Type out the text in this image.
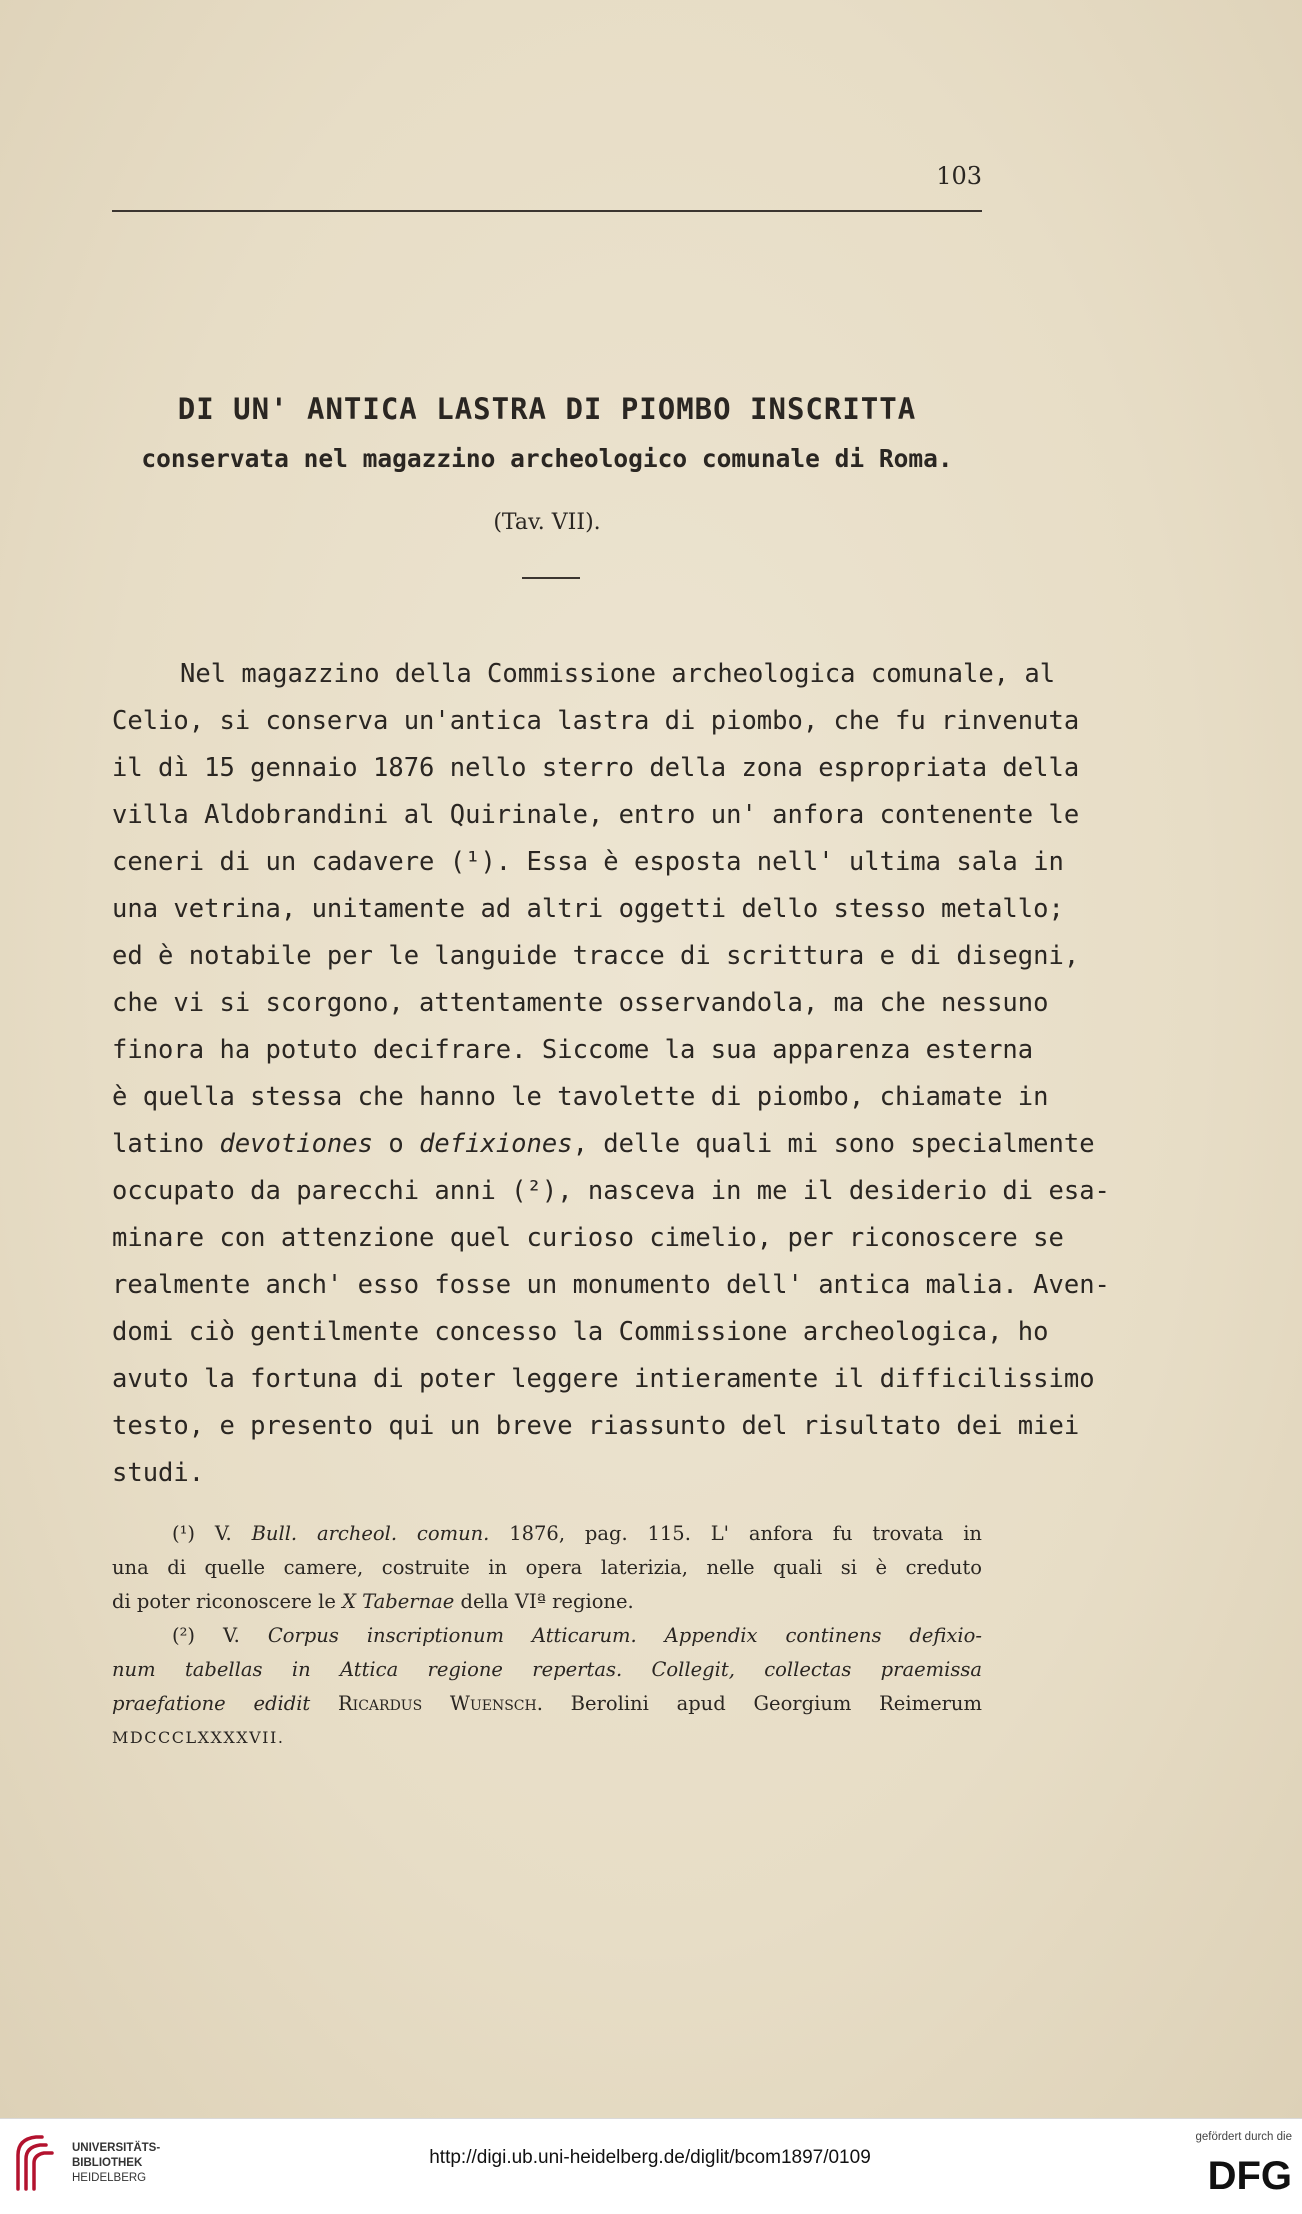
103
DI UN' ANTICA LASTRA DI PIOMBO INSCRITTA
conservata nel magazzino archeologico comunale di Roma.
(Tav. VII).
Nel magazzino della Commissione archeologica comunale, al
Celio, si conserva un'antica lastra di piombo, che fu rinvenuta
il dì 15 gennaio 1876 nello sterro della zona espropriata della
villa Aldobrandini al Quirinale, entro un' anfora contenente le
ceneri di un cadavere (¹). Essa è esposta nell' ultima sala in
una vetrina, unitamente ad altri oggetti dello stesso metallo;
ed è notabile per le languide tracce di scrittura e di disegni,
che vi si scorgono, attentamente osservandola, ma che nessuno
finora ha potuto decifrare. Siccome la sua apparenza esterna
è quella stessa che hanno le tavolette di piombo, chiamate in
latino devotiones o defixiones, delle quali mi sono specialmente
occupato da parecchi anni (²), nasceva in me il desiderio di esa-
minare con attenzione quel curioso cimelio, per riconoscere se
realmente anch' esso fosse un monumento dell' antica malia. Aven-
domi ciò gentilmente concesso la Commissione archeologica, ho
avuto la fortuna di poter leggere intieramente il difficilissimo
testo, e presento qui un breve riassunto del risultato dei miei
studi.
(¹) V. Bull. archeol. comun. 1876, pag. 115. L' anfora fu trovata in
una di quelle camere, costruite in opera laterizia, nelle quali si è creduto
di poter riconoscere le X Tabernae della VIª regione.
(²) V. Corpus inscriptionum Atticarum. Appendix continens defixio-
num tabellas in Attica regione repertas. Collegit, collectas praemissa
praefatione edidit Ricardus Wuensch. Berolini apud Georgium Reimerum
MDCCCLXXXXVII.
UNIVERSITÄTS-
BIBLIOTHEK
HEIDELBERG
http://digi.ub.uni-heidelberg.de/diglit/bcom1897/0109
gefördert durch die
DFG
